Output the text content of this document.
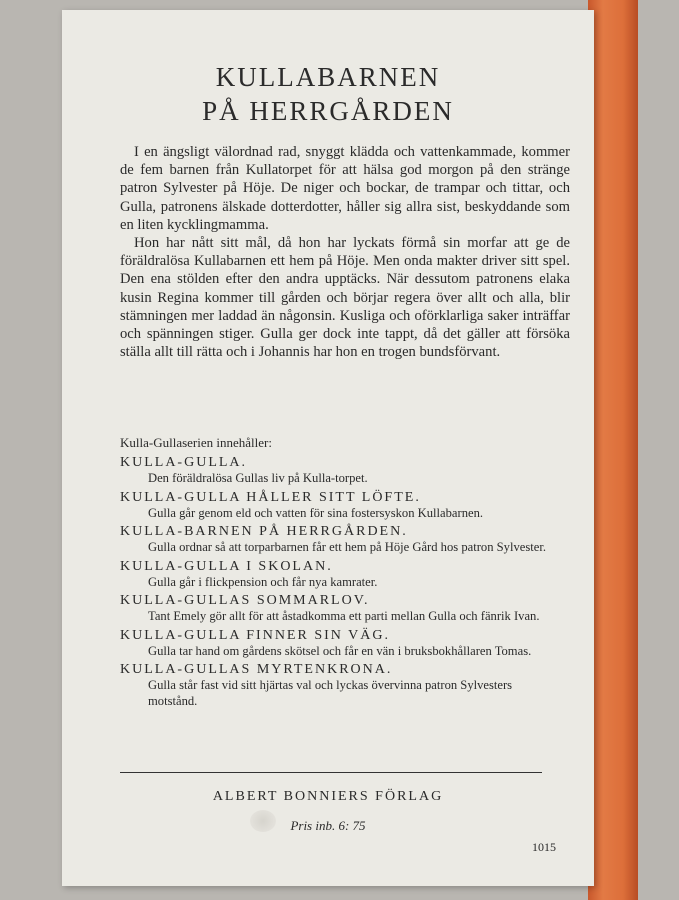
KULLABARNEN
PÅ HERRGÅRDEN

I en ängsligt välordnad rad, snyggt klädda och vattenkammade, kommer de fem barnen från Kullatorpet för att hälsa god morgon på den stränge patron Sylvester på Höje. De niger och bockar, de trampar och tittar, och Gulla, patronens älskade dotterdotter, håller sig allra sist, beskyddande som en liten kycklingmamma.

Hon har nått sitt mål, då hon har lyckats förmå sin morfar att ge de föräldralösa Kullabarnen ett hem på Höje. Men onda makter driver sitt spel. Den ena stölden efter den andra upptäcks. När dessutom patronens elaka kusin Regina kommer till gården och börjar regera över allt och alla, blir stämningen mer laddad än någonsin. Kusliga och oförklarliga saker inträffar och spänningen stiger. Gulla ger dock inte tappt, då det gäller att försöka ställa allt till rätta och i Johannis har hon en trogen bundsförvant.

Kulla-Gullaserien innehåller:
KULLA-GULLA.
Den föräldralösa Gullas liv på Kulla-torpet.
KULLA-GULLA HÅLLER SITT LÖFTE.
Gulla går genom eld och vatten för sina fostersyskon Kullabarnen.
KULLA-BARNEN PÅ HERRGÅRDEN.
Gulla ordnar så att torparbarnen får ett hem på Höje Gård hos patron Sylvester.
KULLA-GULLA I SKOLAN.
Gulla går i flickpension och får nya kamrater.
KULLA-GULLAS SOMMARLOV.
Tant Emely gör allt för att åstadkomma ett parti mellan Gulla och fänrik Ivan.
KULLA-GULLA FINNER SIN VÄG.
Gulla tar hand om gårdens skötsel och får en vän i bruksbokhållaren Tomas.
KULLA-GULLAS MYRTENKRONA.
Gulla står fast vid sitt hjärtas val och lyckas övervinna patron Sylvesters motstånd.
ALBERT BONNIERS FÖRLAG
Pris inb. 6: 75
1015
